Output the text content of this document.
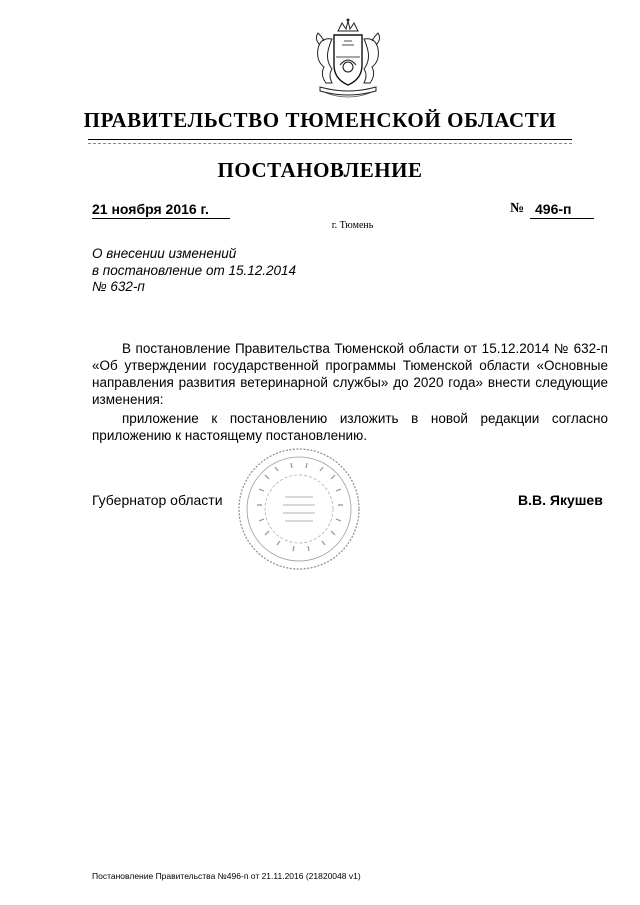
ПРАВИТЕЛЬСТВО ТЮМЕНСКОЙ ОБЛАСТИ
ПОСТАНОВЛЕНИЕ
21 ноября 2016 г.	№ 496-п
г. Тюмень
О внесении изменений
в постановление от 15.12.2014
№ 632-п
В постановление Правительства Тюменской области от 15.12.2014 № 632-п «Об утверждении государственной программы Тюменской области «Основные направления развития ветеринарной службы» до 2020 года» внести следующие изменения:
приложение к постановлению изложить в новой редакции согласно приложению к настоящему постановлению.
Губернатор области	В.В. Якушев
Постановление Правительства №496-п от 21.11.2016 (21820048 v1)
